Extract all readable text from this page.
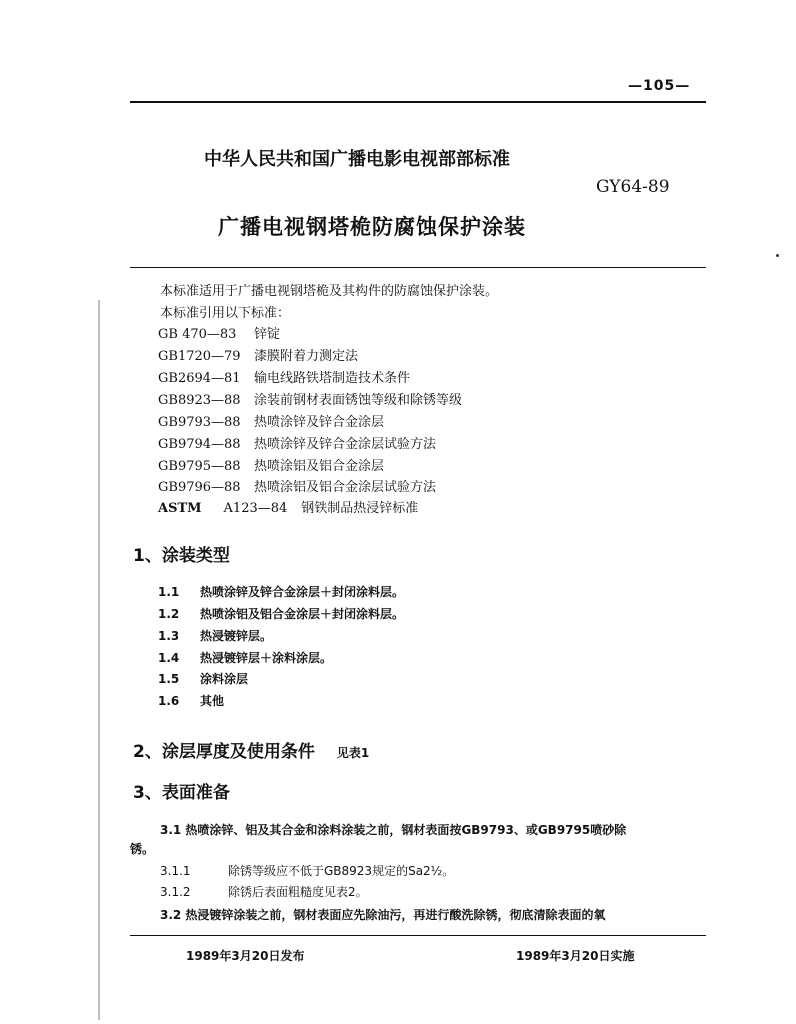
—105—
中华人民共和国广播电影电视部部标准
GY64-89
广播电视钢塔桅防腐蚀保护涂装
本标准适用于广播电视钢塔桅及其构件的防腐蚀保护涂装。
本标准引用以下标准：
GB 470—83 锌锭
GB1720—79 漆膜附着力测定法
GB2694—81 输电线路铁塔制造技术条件
GB8923—88 涂装前钢材表面锈蚀等级和除锈等级
GB9793—88 热喷涂锌及锌合金涂层
GB9794—88 热喷涂锌及锌合金涂层试验方法
GB9795—88 热喷涂铝及铝合金涂层
GB9796—88 热喷涂铝及铝合金涂层试验方法
ASTM A123—84 钢铁制品热浸锌标准
1、涂装类型
1.1 热喷涂锌及锌合金涂层＋封闭涂料层。
1.2 热喷涂铝及铝合金涂层＋封闭涂料层。
1.3 热浸镀锌层。
1.4 热浸镀锌层＋涂料涂层。
1.5 涂料涂层
1.6 其他
2、涂层厚度及使用条件 见表1
3、表面准备
3.1 热喷涂锌、铝及其合金和涂料涂装之前，钢材表面按GB9793、或GB9795喷砂除
锈。
3.1.1	除锈等级应不低于GB8923规定的Sa2½。
3.1.2	除锈后表面粗糙度见表2。
3.2 热浸镀锌涂装之前，钢材表面应先除油污，再进行酸洗除锈，彻底清除表面的氧
1989年3月20日发布	1989年3月20日实施
